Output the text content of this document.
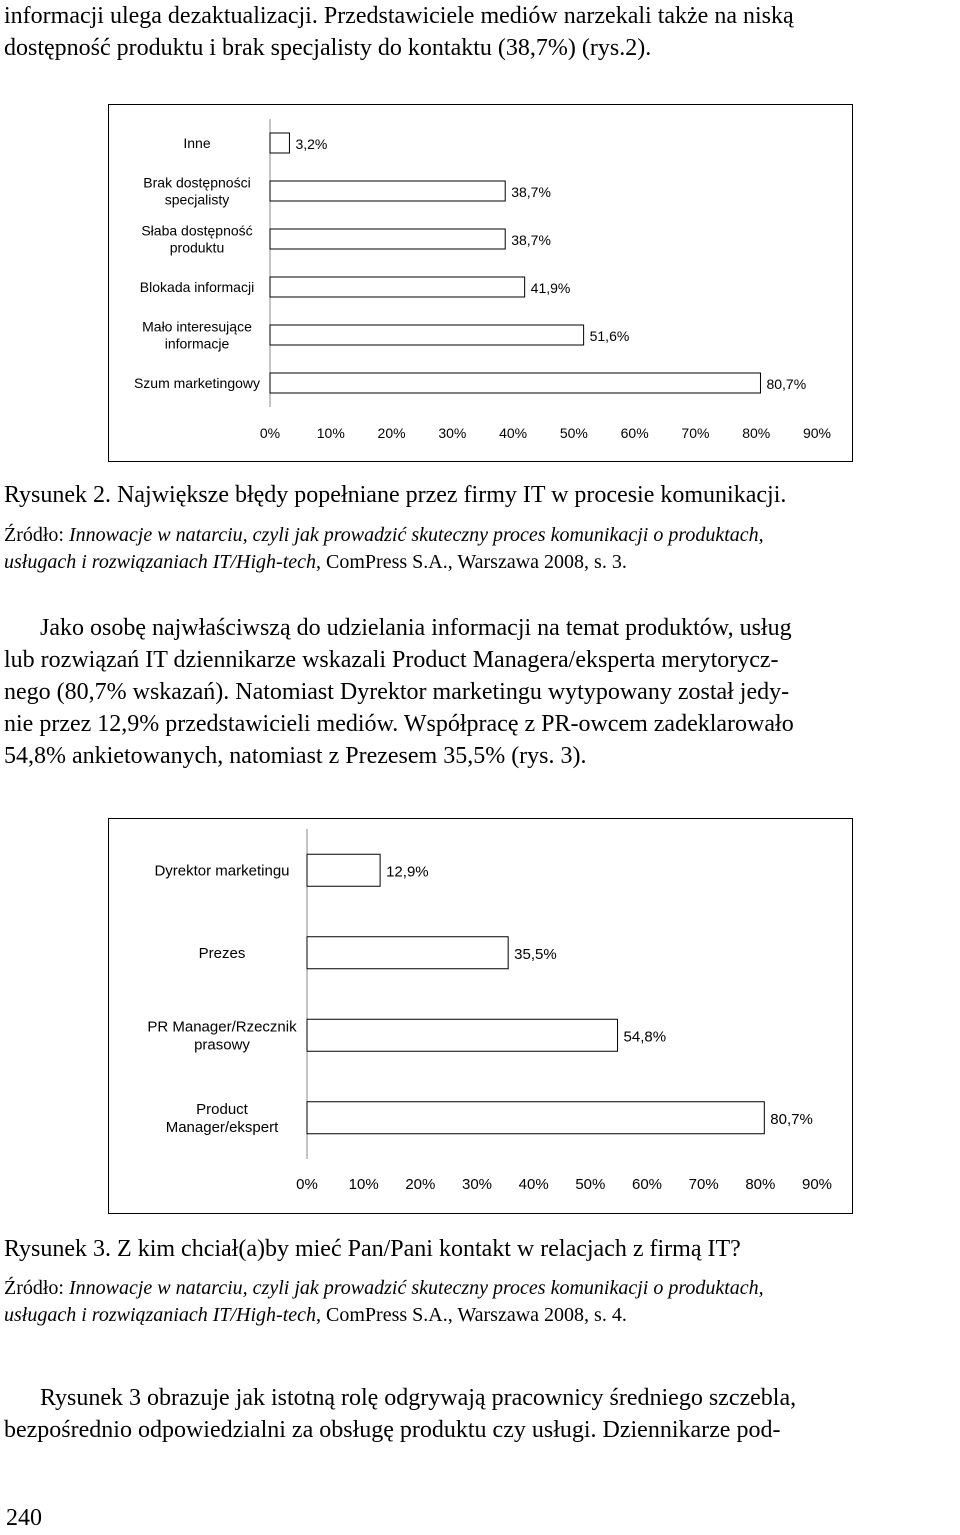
informacji ulega dezaktualizacji. Przedstawiciele mediów narzekali także na niską
dostępność produktu i brak specjalisty do kontaktu (38,7%) (rys.2).
3,2%
Inne
38,7%
Brak dostępności
specjalisty
38,7%
Słaba dostępność
produktu
41,9%
Blokada informacji
51,6%
Mało interesujące
informacje
80,7%
Szum marketingowy
0%	10% 20% 30% 40% 50% 60% 70% 80% 90%
Rysunek 2. Największe błędy popełniane przez firmy IT w procesie komunikacji.
Źródło: Innowacje w natarciu, czyli jak prowadzić skuteczny proces komunikacji o produktach,
usługach i rozwiązaniach IT/High-tech, ComPress S.A., Warszawa 2008, s. 3.
Jako osobę najwłaściwszą do udzielania informacji na temat produktów, usług
lub rozwiązań IT dziennikarze wskazali Product Managera/eksperta merytorycz-
nego (80,7% wskazań). Natomiast Dyrektor marketingu wytypowany został jedy-
nie przez 12,9% przedstawicieli mediów. Współpracę z PR-owcem zadeklarowało
54,8% ankietowanych, natomiast z Prezesem 35,5% (rys. 3).
12,9%
Dyrektor marketingu
35,5%
Prezes
54,8%
PR Manager/Rzecznik
prasowy
80,7%
Product
Manager/ekspert
0% 10% 20% 30% 40% 50% 60% 70% 80% 90%
Rysunek 3. Z kim chciał(a)by mieć Pan/Pani kontakt w relacjach z firmą IT?
Źródło: Innowacje w natarciu, czyli jak prowadzić skuteczny proces komunikacji o produktach,
usługach i rozwiązaniach IT/High-tech, ComPress S.A., Warszawa 2008, s. 4.
Rysunek 3 obrazuje jak istotną rolę odgrywają pracownicy średniego szczebla,
bezpośrednio odpowiedzialni za obsługę produktu czy usługi. Dziennikarze pod-
240
